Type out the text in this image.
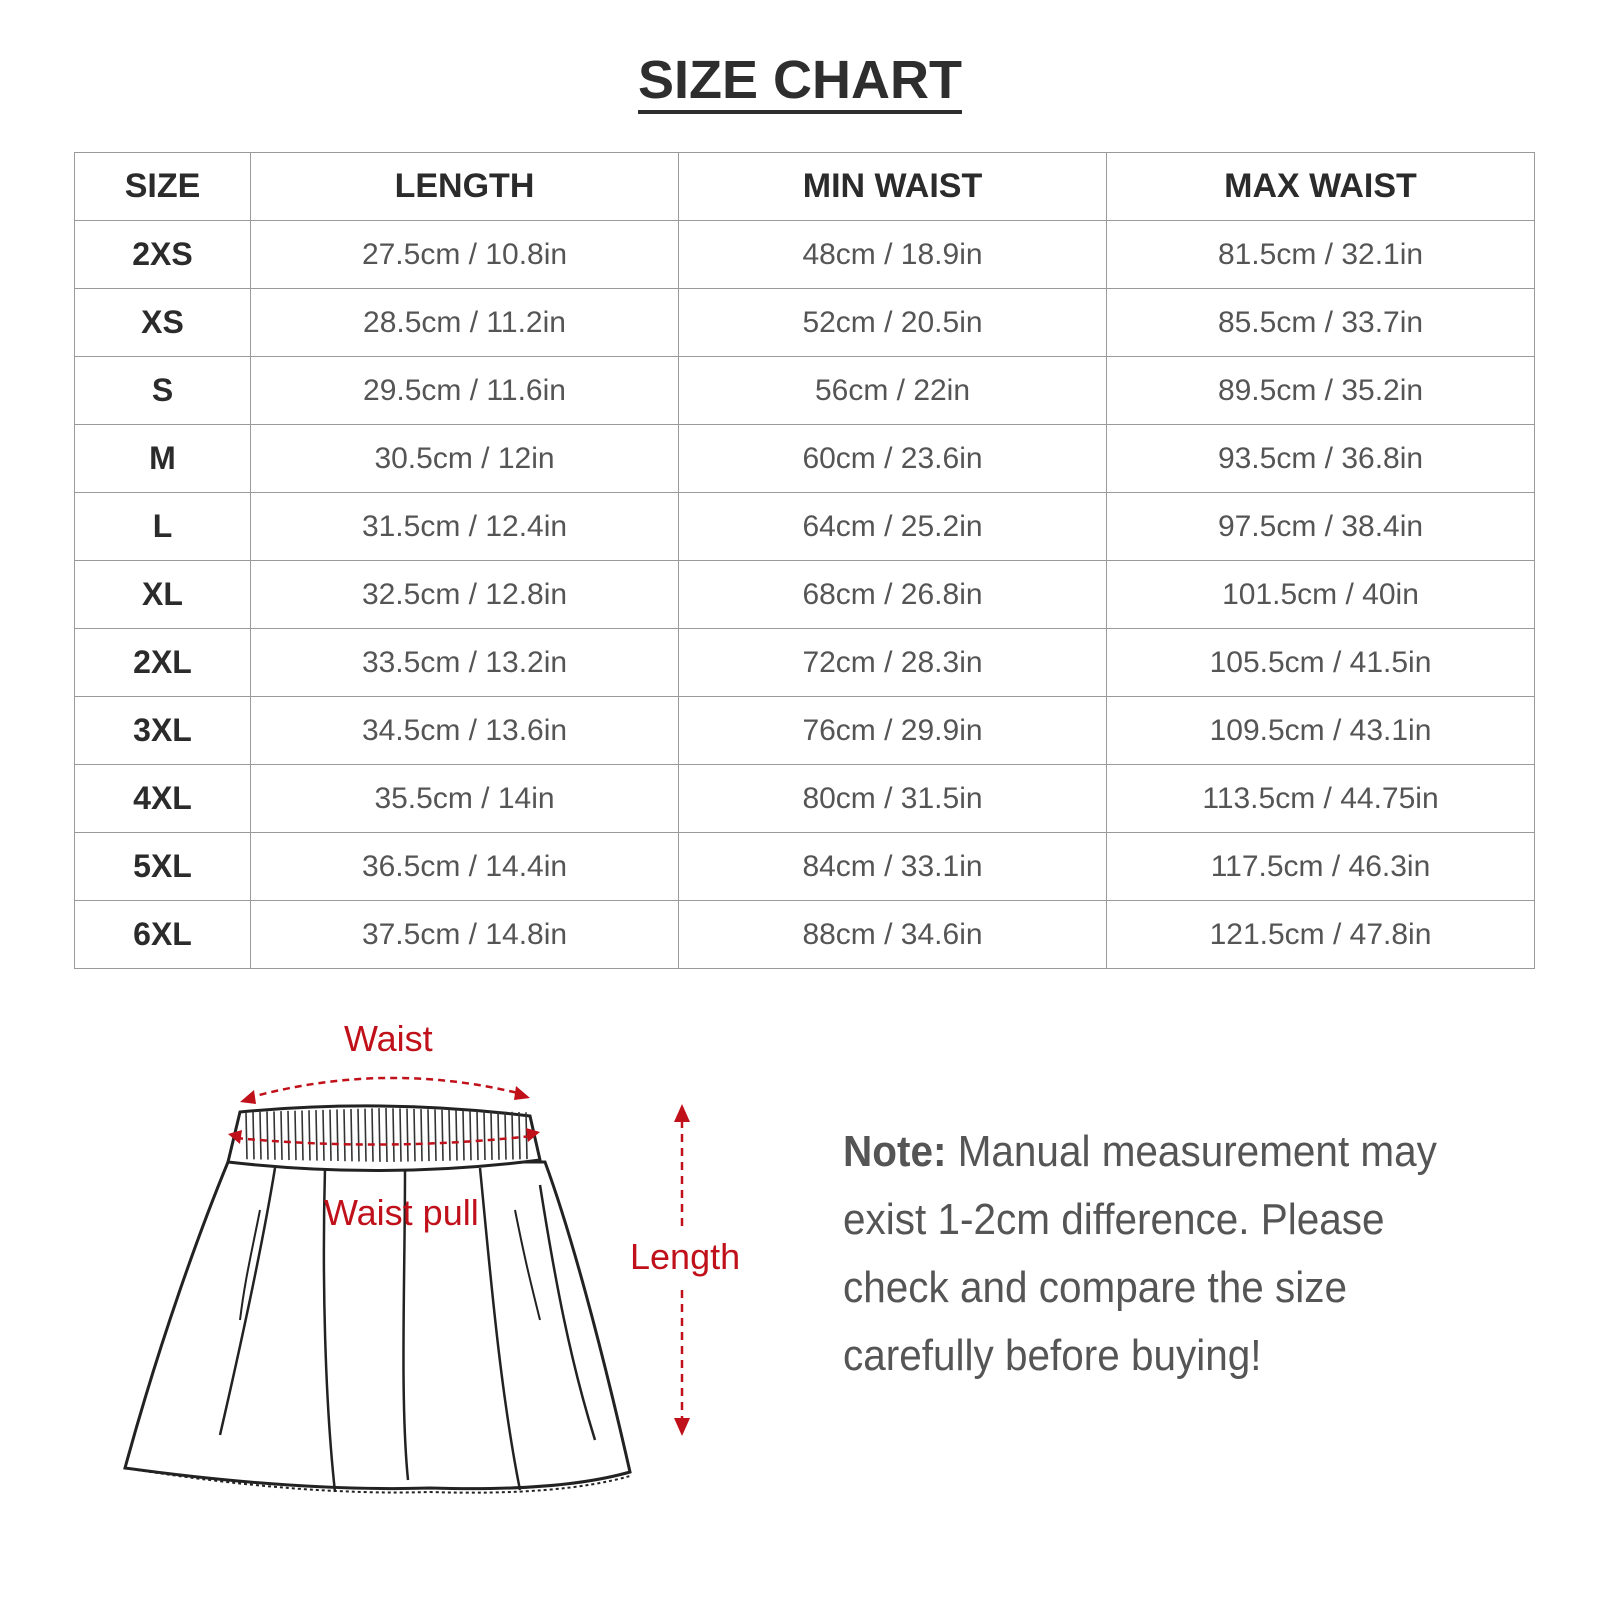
SIZE CHART
SIZE	LENGTH	MIN WAIST	MAX WAIST
2XS	27.5cm / 10.8in	48cm / 18.9in	81.5cm / 32.1in
XS	28.5cm / 11.2in	52cm / 20.5in	85.5cm / 33.7in
S	29.5cm / 11.6in	56cm / 22in	89.5cm / 35.2in
M	30.5cm / 12in	60cm / 23.6in	93.5cm / 36.8in
L	31.5cm / 12.4in	64cm / 25.2in	97.5cm / 38.4in
XL	32.5cm / 12.8in	68cm / 26.8in	101.5cm / 40in
2XL	33.5cm / 13.2in	72cm / 28.3in	105.5cm / 41.5in
3XL	34.5cm / 13.6in	76cm / 29.9in	109.5cm / 43.1in
4XL	35.5cm / 14in	80cm / 31.5in	113.5cm / 44.75in
5XL	36.5cm / 14.4in	84cm / 33.1in	117.5cm / 46.3in
6XL	37.5cm / 14.8in	88cm / 34.6in	121.5cm / 47.8in
Waist
Waist pull
Length
Note: Manual measurement may exist 1-2cm difference. Please check and compare the size carefully before buying!
